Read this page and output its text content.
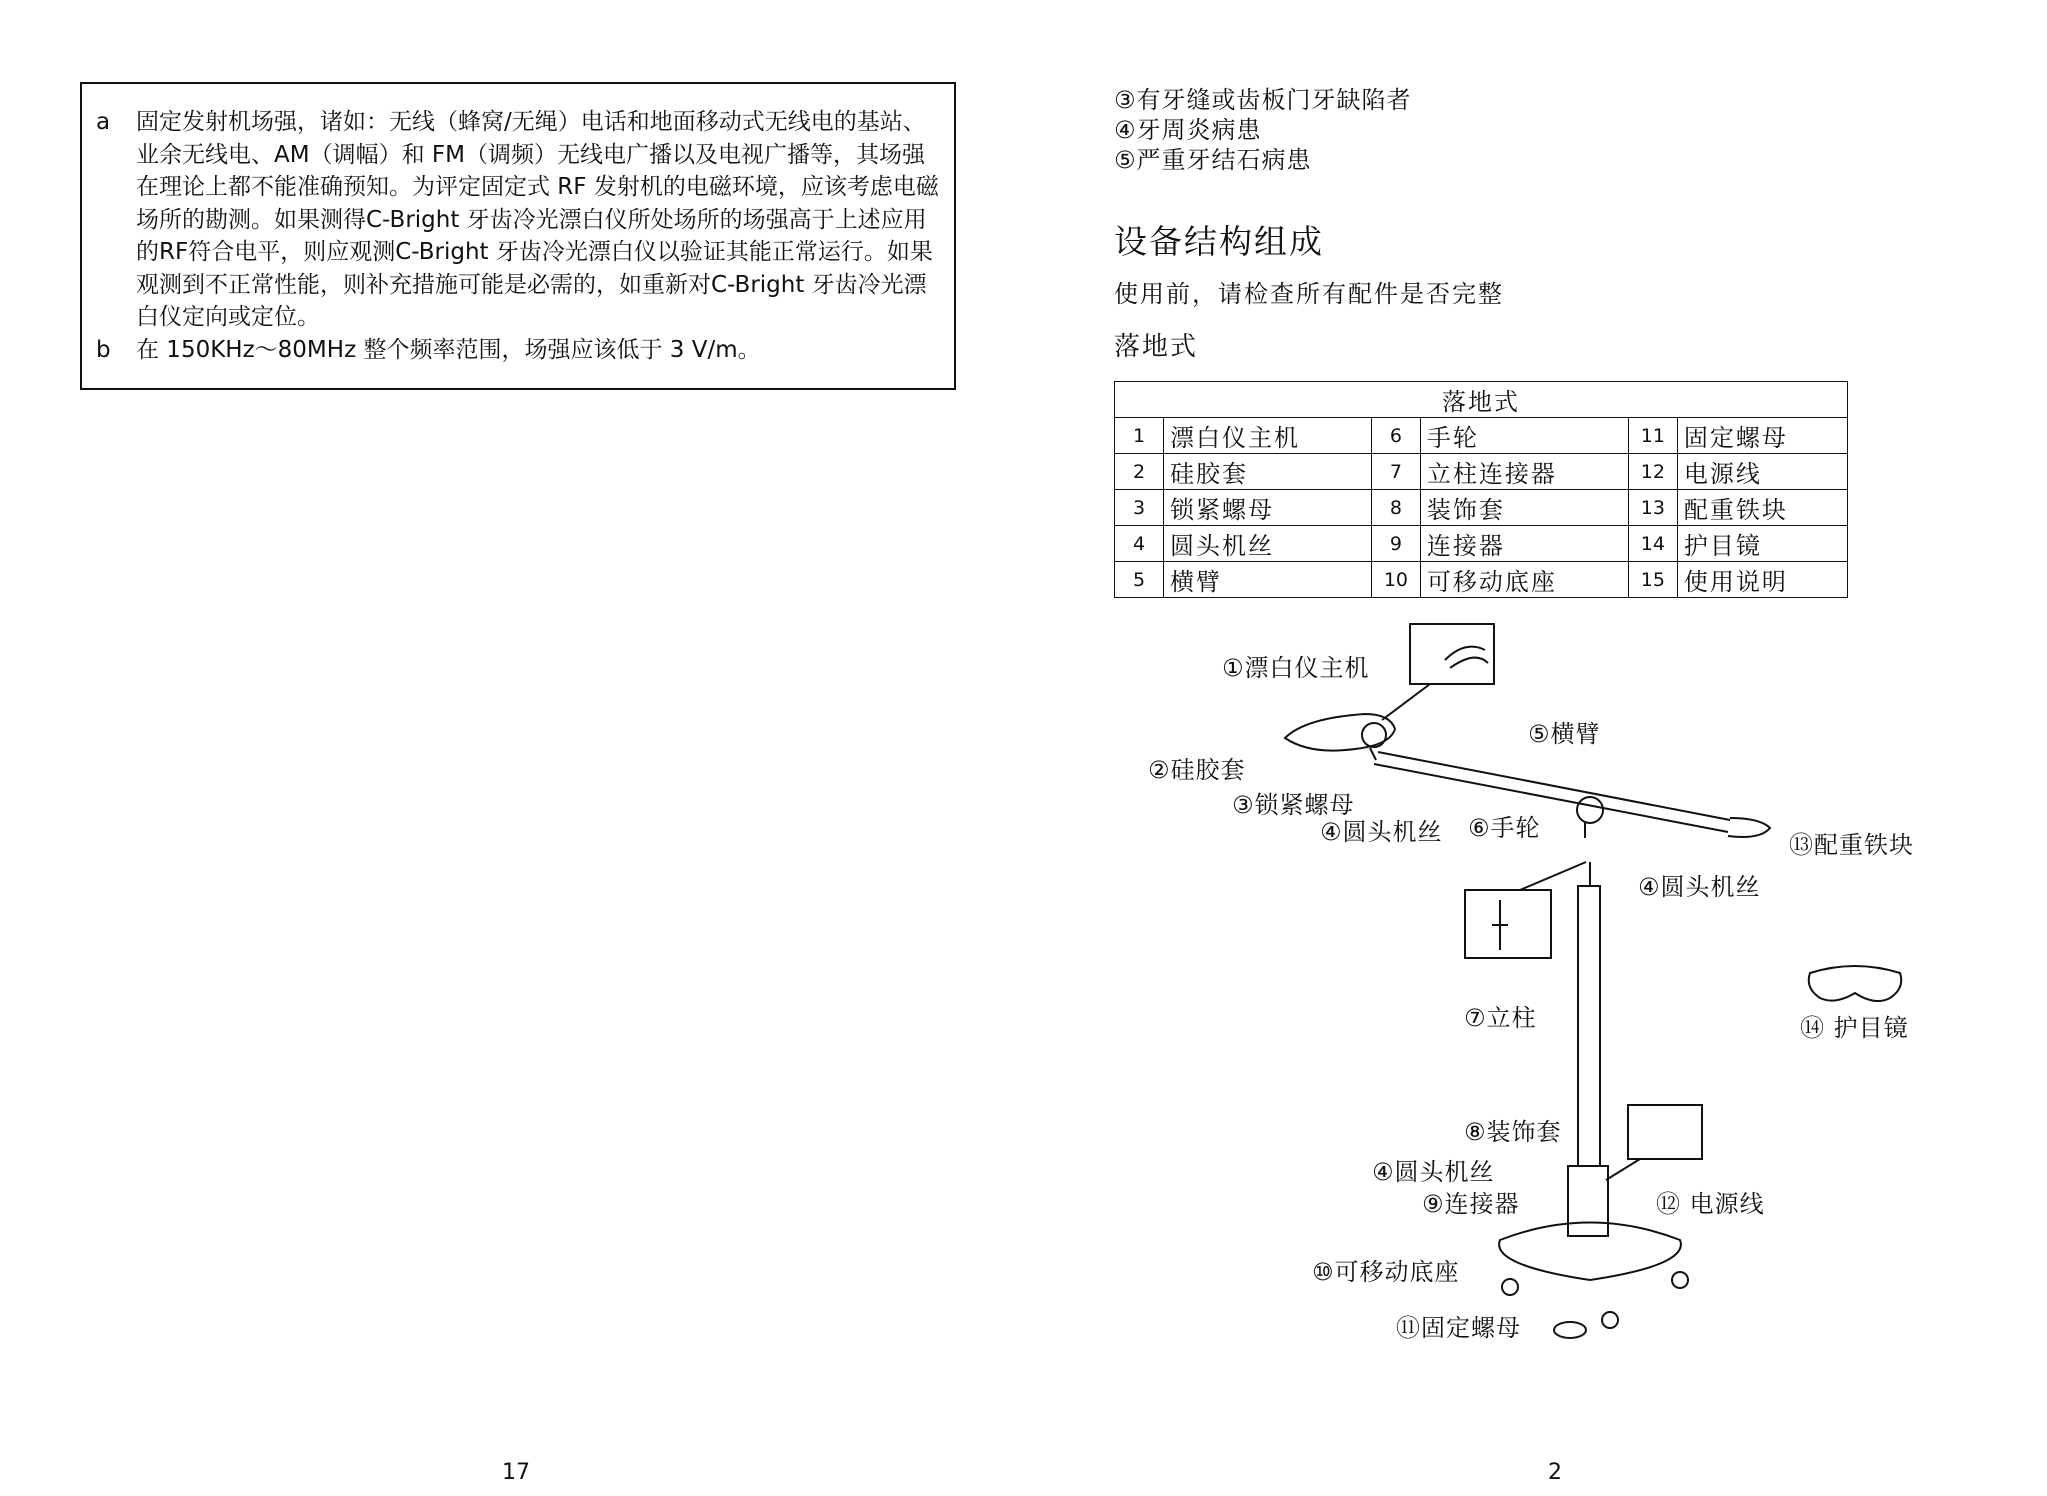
a	固定发射机场强，诸如：无线（蜂窝/无绳）电话和地面移动式无线电的基站、业余无线电、AM（调幅）和 FM（调频）无线电广播以及电视广播等，其场强在理论上都不能准确预知。为评定固定式 RF 发射机的电磁环境，应该考虑电磁场所的勘测。如果测得C-Bright 牙齿冷光漂白仪所处场所的场强高于上述应用的RF符合电平，则应观测C-Bright 牙齿冷光漂白仪以验证其能正常运行。如果观测到不正常性能，则补充措施可能是必需的，如重新对C-Bright 牙齿冷光漂白仪定向或定位。
b	在 150KHz～80MHz 整个频率范围，场强应该低于 3 V/m。
17
③有牙缝或齿板门牙缺陷者
④牙周炎病患
⑤严重牙结石病患
设备结构组成
使用前，请检查所有配件是否完整
落地式
落地式					
1	漂白仪主机	6	手轮	11	固定螺母
2	硅胶套	7	立柱连接器	12	电源线
3	锁紧螺母	8	装饰套	13	配重铁块
4	圆头机丝	9	连接器	14	护目镜
5	横臂	10	可移动底座	15	使用说明
①漂白仪主机
②硅胶套
③锁紧螺母
④圆头机丝
⑤横臂
⑥手轮
⑬配重铁块
④圆头机丝
⑦立柱	⑭ 护目镜
⑧装饰套
④圆头机丝
⑨连接器	⑫ 电源线
⑩可移动底座
⑪固定螺母
2
